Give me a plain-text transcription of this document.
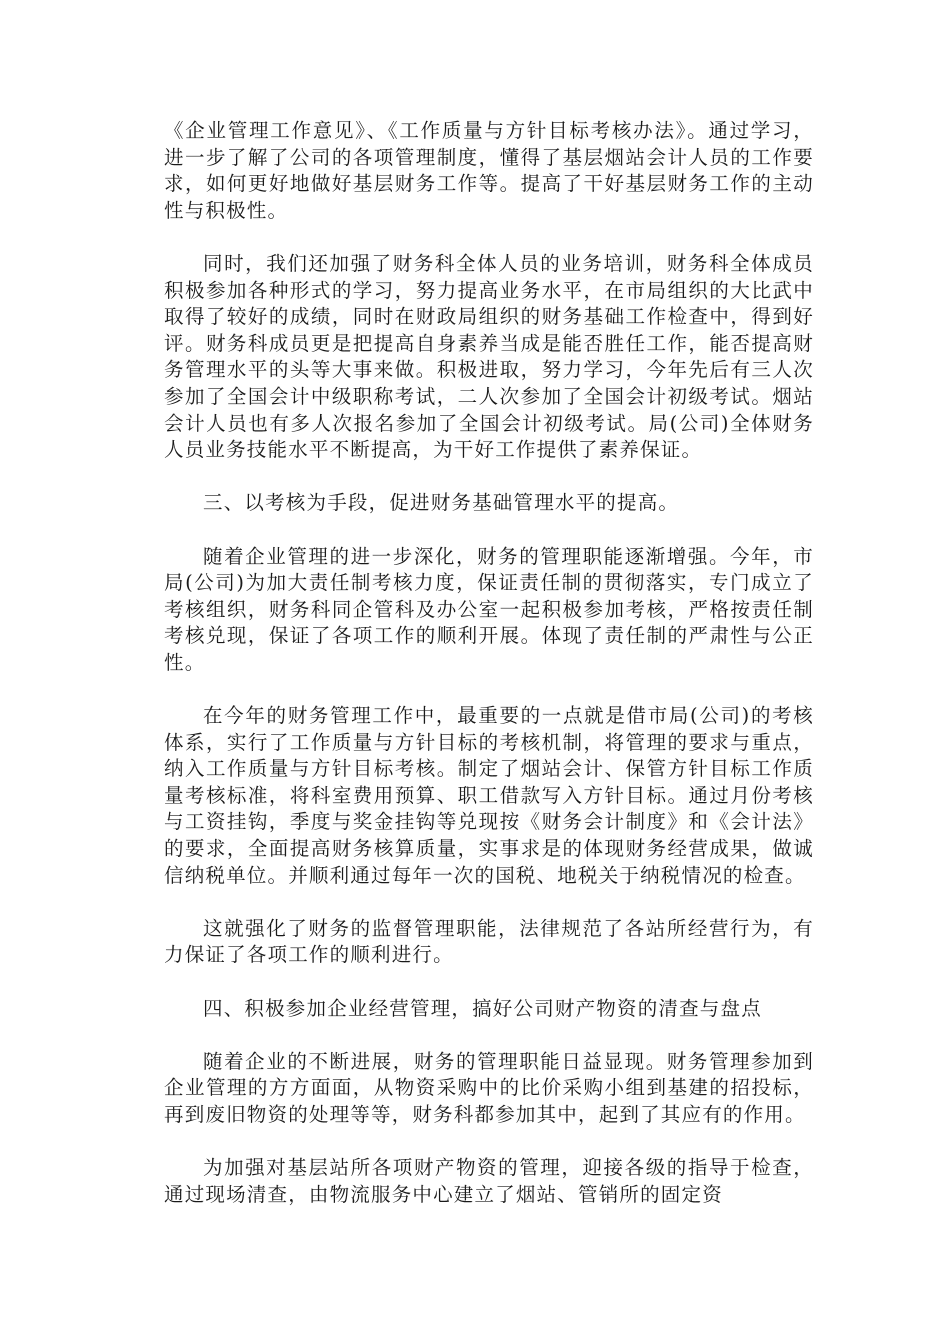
《企业管理工作意见》、《工作质量与方针目标考核办法》。通过学习，进一步了解了公司的各项管理制度，懂得了基层烟站会计人员的工作要求，如何更好地做好基层财务工作等。提高了干好基层财务工作的主动性与积极性。

同时，我们还加强了财务科全体人员的业务培训，财务科全体成员积极参加各种形式的学习，努力提高业务水平，在市局组织的大比武中取得了较好的成绩，同时在财政局组织的财务基础工作检查中，得到好评。财务科成员更是把提高自身素养当成是能否胜任工作，能否提高财务管理水平的头等大事来做。积极进取，努力学习，今年先后有三人次参加了全国会计中级职称考试，二人次参加了全国会计初级考试。烟站会计人员也有多人次报名参加了全国会计初级考试。局(公司)全体财务人员业务技能水平不断提高，为干好工作提供了素养保证。

三、以考核为手段，促进财务基础管理水平的提高。

随着企业管理的进一步深化，财务的管理职能逐渐增强。今年，市局(公司)为加大责任制考核力度，保证责任制的贯彻落实，专门成立了考核组织，财务科同企管科及办公室一起积极参加考核，严格按责任制考核兑现，保证了各项工作的顺利开展。体现了责任制的严肃性与公正性。

在今年的财务管理工作中，最重要的一点就是借市局(公司)的考核体系，实行了工作质量与方针目标的考核机制，将管理的要求与重点，纳入工作质量与方针目标考核。制定了烟站会计、保管方针目标工作质量考核标准，将科室费用预算、职工借款写入方针目标。通过月份考核与工资挂钩，季度与奖金挂钩等兑现按《财务会计制度》和《会计法》的要求，全面提高财务核算质量，实事求是的体现财务经营成果，做诚信纳税单位。并顺利通过每年一次的国税、地税关于纳税情况的检查。

这就强化了财务的监督管理职能，法律规范了各站所经营行为，有力保证了各项工作的顺利进行。

四、积极参加企业经营管理，搞好公司财产物资的清查与盘点

随着企业的不断进展，财务的管理职能日益显现。财务管理参加到企业管理的方方面面，从物资采购中的比价采购小组到基建的招投标，再到废旧物资的处理等等，财务科都参加其中，起到了其应有的作用。

为加强对基层站所各项财产物资的管理，迎接各级的指导于检查，通过现场清查，由物流服务中心建立了烟站、管销所的固定资
